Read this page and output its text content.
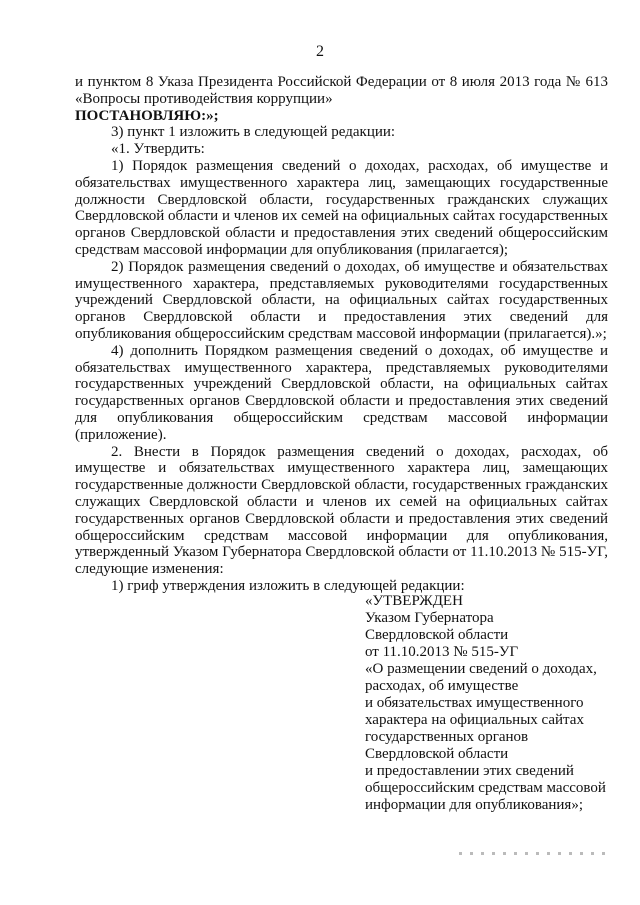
2

и пунктом 8 Указа Президента Российской Федерации от 8 июля 2013 года № 613 «Вопросы противодействия коррупции»

ПОСТАНОВЛЯЮ:»;

3) пункт 1 изложить в следующей редакции:

«1. Утвердить:

1) Порядок размещения сведений о доходах, расходах, об имуществе и обязательствах имущественного характера лиц, замещающих государственные должности Свердловской области, государственных гражданских служащих Свердловской области и членов их семей на официальных сайтах государственных органов Свердловской области и предоставления этих сведений общероссийским средствам массовой информации для опубликования (прилагается);

2) Порядок размещения сведений о доходах, об имуществе и обязательствах имущественного характера, представляемых руководителями государственных учреждений Свердловской области, на официальных сайтах государственных органов Свердловской области и предоставления этих сведений для опубликования общероссийским средствам массовой информации (прилагается).»;

4) дополнить Порядком размещения сведений о доходах, об имуществе и обязательствах имущественного характера, представляемых руководителями государственных учреждений Свердловской области, на официальных сайтах государственных органов Свердловской области и предоставления этих сведений для опубликования общероссийским средствам массовой информации (приложение).

2. Внести в Порядок размещения сведений о доходах, расходах, об имуществе и обязательствах имущественного характера лиц, замещающих государственные должности Свердловской области, государственных гражданских служащих Свердловской области и членов их семей на официальных сайтах государственных органов Свердловской области и предоставления этих сведений общероссийским средствам массовой информации для опубликования, утвержденный Указом Губернатора Свердловской области от 11.10.2013 № 515-УГ, следующие изменения:

1) гриф утверждения изложить в следующей редакции:

«УТВЕРЖДЕН
Указом Губернатора
Свердловской области
от 11.10.2013 № 515-УГ
«О размещении сведений о доходах,
расходах, об имуществе
и обязательствах имущественного
характера на официальных сайтах
государственных органов
Свердловской области
и предоставлении этих сведений
общероссийским средствам массовой
информации для опубликования»;
